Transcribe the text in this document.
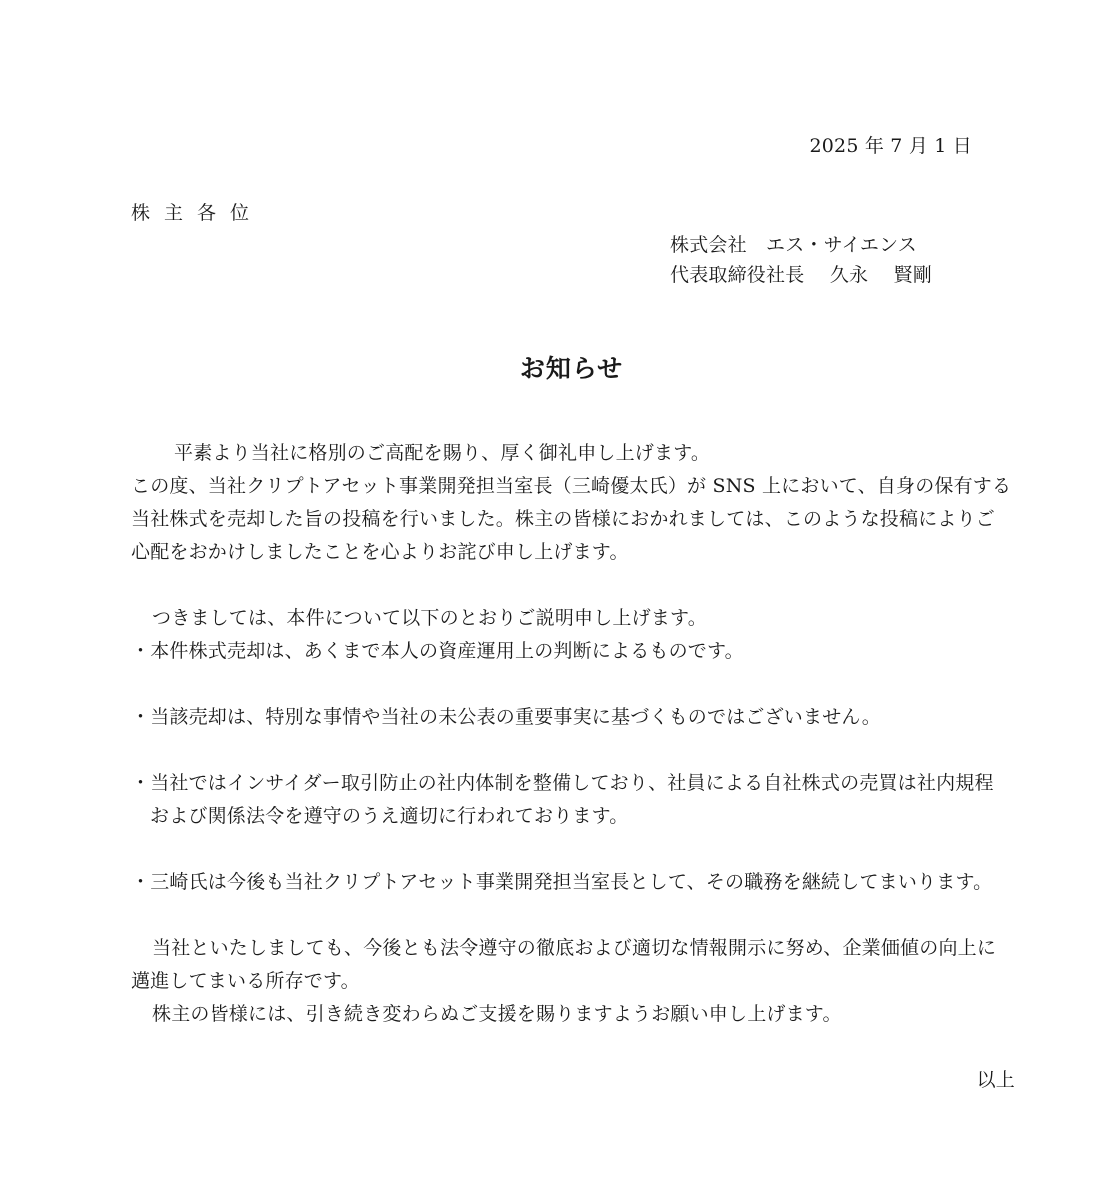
2025 年 7 月 1 日
株主各位
株式会社　エス・サイエンス
代表取締役社長　 久永　 賢剛
お知らせ
平素より当社に格別のご高配を賜り、厚く御礼申し上げます。
この度、当社クリプトアセット事業開発担当室長（三崎優太氏）が SNS 上において、自身の保有する
当社株式を売却した旨の投稿を行いました。株主の皆様におかれましては、このような投稿によりご
心配をおかけしましたことを心よりお詫び申し上げます。
つきましては、本件について以下のとおりご説明申し上げます。
・本件株式売却は、あくまで本人の資産運用上の判断によるものです。
・当該売却は、特別な事情や当社の未公表の重要事実に基づくものではございません。
・当社ではインサイダー取引防止の社内体制を整備しており、社員による自社株式の売買は社内規程
および関係法令を遵守のうえ適切に行われております。
・三崎氏は今後も当社クリプトアセット事業開発担当室長として、その職務を継続してまいります。
当社といたしましても、今後とも法令遵守の徹底および適切な情報開示に努め、企業価値の向上に
邁進してまいる所存です。
株主の皆様には、引き続き変わらぬご支援を賜りますようお願い申し上げます。
以上
